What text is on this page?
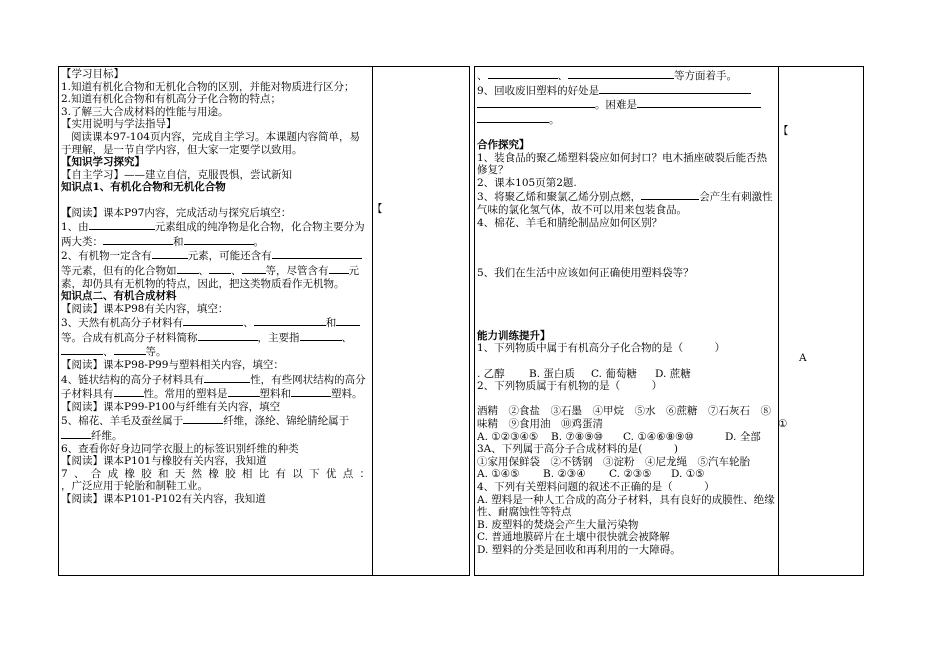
【
【
A
①

【学习目标】

1.知道有机化合物和无机化合物的区别，并能对物质进行区分；

2.知道有机化合物和有机高分子化合物的特点；

3.了解三大合成材料的性能与用途。

【实用说明与学法指导】

阅读课本97-104页内容，完成自主学习。本课题内容简单，易于理解，是一节自学内容，但大家一定要学以致用。

【知识学习探究】

【自主学习】——建立自信，克服畏惧，尝试新知

知识点1、有机化合物和无机化合物

【阅读】课本P97内容，完成活动与探究后填空：

1、由	元素组成的纯净物是化合物，化合物主要分为两大类：	和	。

2、有机物一定含有	元素，可能还含有等元素，但有的化合物如 、 、 等，尽管含有 元素，却仍具有无机物的特点，因此，把这类物质看作无机物。

知识点二、有机合成材料

【阅读】课本P98有关内容，填空：

3、天然有机高分子材料有	、	和等。合成有机高分子材料简称	，主要指	、、	等。

【阅读】课本P98-P99与塑料相关内容，填空：

4、链状结构的高分子材料具有	性，有些网状结构的高分子材料具有	性。常用的塑料是	塑料和	塑料。

【阅读】课本P99-P100与纤维有关内容，填空

5、棉花、羊毛及蚕丝属于	纤维，涤纶、锦纶腈纶属于纤维。

6、查看你好身边同学衣服上的标签识别纤维的种类

【阅读】课本P101与橡胶有关内容，我知道

7、合成橡胶和天然橡胶相比有以下优点：

，广泛应用于轮胎和制鞋工业。

【阅读】课本P101-P102有关内容，我知道

、	、	等方面着手。

9、回收废旧塑料的好处是

。困难是

。

合作探究】

1、装食品的聚乙烯塑料袋应如何封口？电木插座破裂后能否热修复？

2、课本105页第2题.

3、将聚乙烯和聚氯乙烯分别点燃，	会产生有刺激性气味的氯化氢气体，故不可以用来包装食品。

4、棉花、羊毛和腈纶制品应如何区别？

5、我们在生活中应该如何正确使用塑料袋等？

能力训练提升】

1、下列物质中属于有机高分子化合物的是（　　　）

. 乙醇 B. 蛋白质 C. 葡萄糖 D. 蔗糖

2、下列物质属于有机物的是（　　　）

酒精　②食盐　③石墨　④甲烷　⑤水　⑥蔗糖　⑦石灰石　⑧味精　⑨食用油　⑩鸡蛋清

A. ①②③④⑤ B. ⑦⑧⑨⑩ C. ①④⑥⑧⑨⑩	D. 全部

3A、下列属于高分子合成材料的是(　　　)

①家用保鲜袋　②不锈钢　③淀粉　④尼龙绳　⑤汽车轮胎

A. ①④⑤ B. ②③④ C. ②③⑤ D. ①⑤

4、下列有关塑料问题的叙述不正确的是（　　　）

A. 塑料是一种人工合成的高分子材料，具有良好的成膜性、绝缘性、耐腐蚀性等特点

B. 废塑料的焚烧会产生大量污染物

C. 普通地膜碎片在土壤中很快就会被降解

D. 塑料的分类是回收和再利用的一大障碍。
